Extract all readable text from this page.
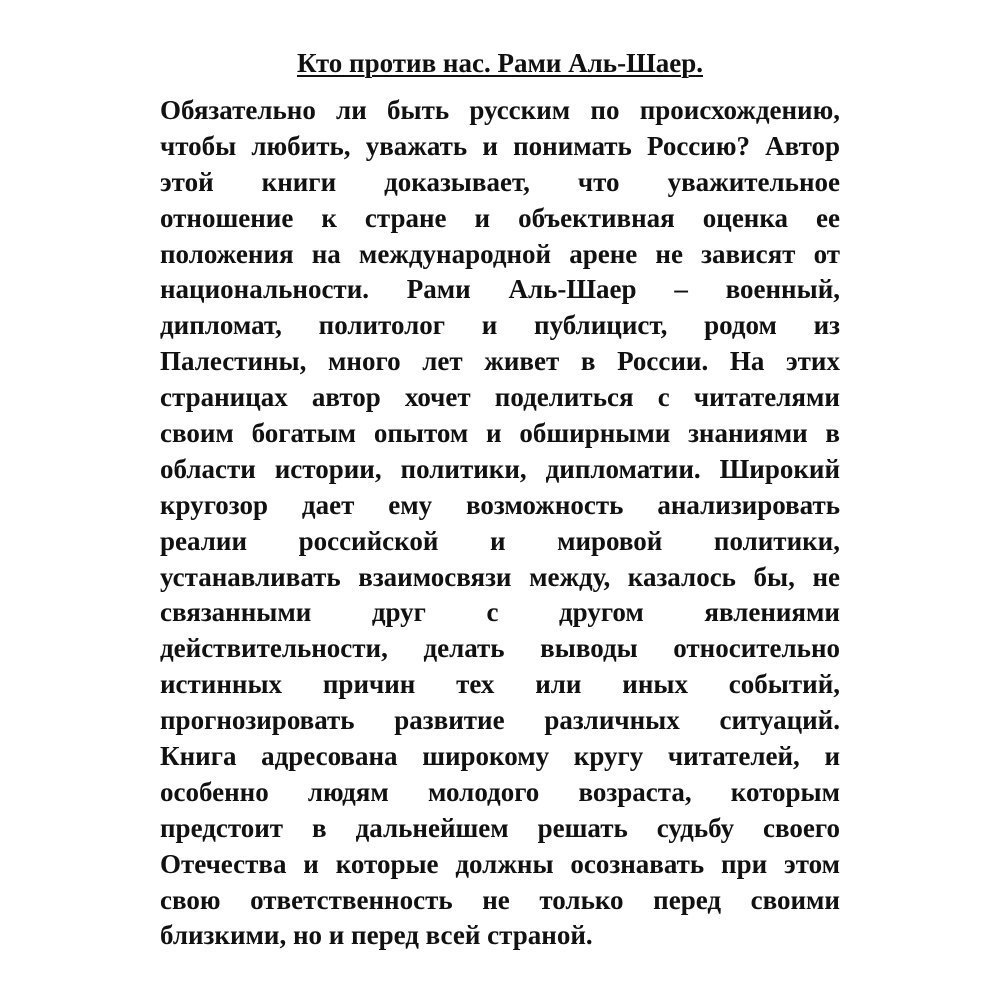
Кто против нас. Рами Аль-Шаер.
Обязательно ли быть русским по происхождению,
чтобы любить, уважать и понимать Россию? Автор
этой книги доказывает, что уважительное
отношение к стране и объективная оценка ее
положения на международной арене не зависят от
национальности. Рами Аль-Шаер – военный,
дипломат, политолог и публицист, родом из
Палестины, много лет живет в России. На этих
страницах автор хочет поделиться с читателями
своим богатым опытом и обширными знаниями в
области истории, политики, дипломатии. Широкий
кругозор дает ему возможность анализировать
реалии российской и мировой политики,
устанавливать взаимосвязи между, казалось бы, не
связанными друг с другом явлениями
действительности, делать выводы относительно
истинных причин тех или иных событий,
прогнозировать развитие различных ситуаций.
Книга адресована широкому кругу читателей, и
особенно людям молодого возраста, которым
предстоит в дальнейшем решать судьбу своего
Отечества и которые должны осознавать при этом
свою ответственность не только перед своими
близкими, но и перед всей страной.
